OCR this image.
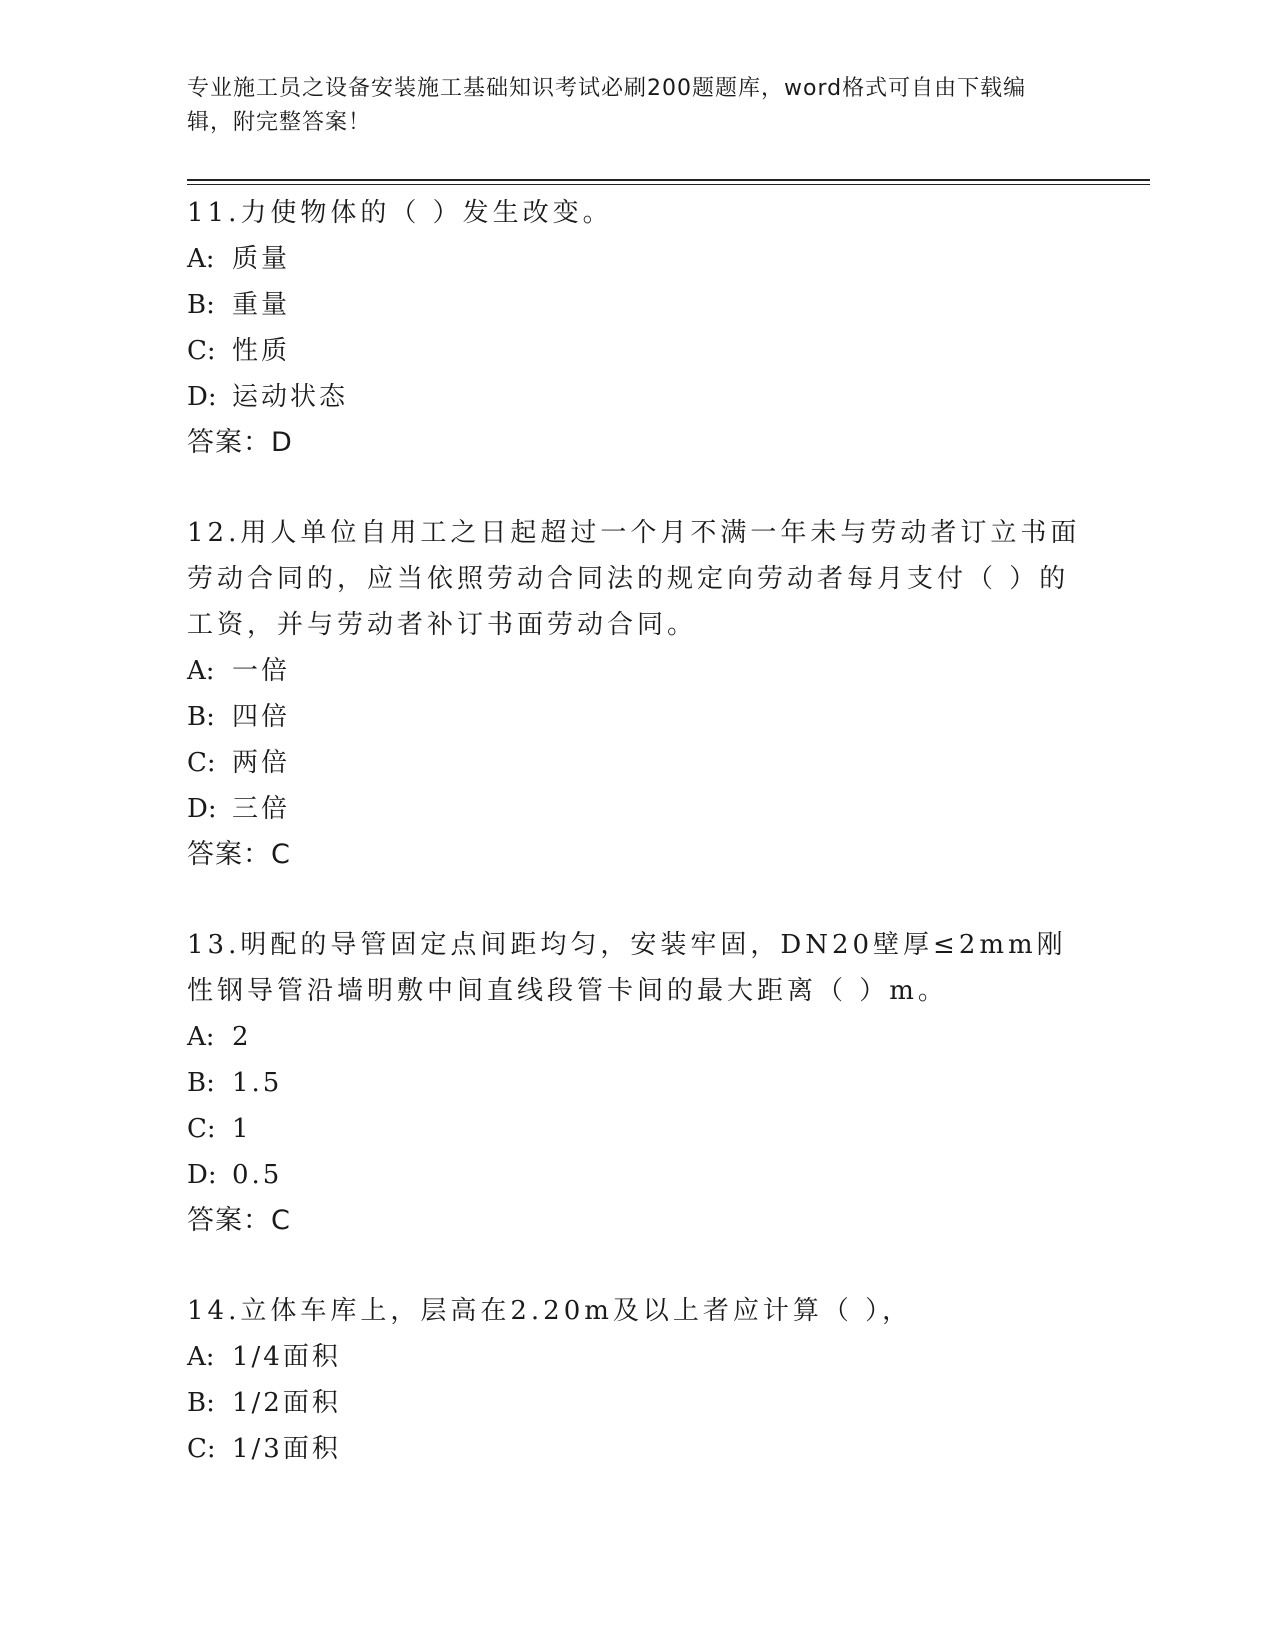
专业施工员之设备安装施工基础知识考试必刷200题题库，word格式可自由下载编辑，附完整答案！
11.力使物体的（ ）发生改变。
A: 质量
B: 重量
C: 性质
D: 运动状态
答案：D
12.用人单位自用工之日起超过一个月不满一年未与劳动者订立书面劳动合同的，应当依照劳动合同法的规定向劳动者每月支付（ ）的工资，并与劳动者补订书面劳动合同。
A: 一倍
B: 四倍
C: 两倍
D: 三倍
答案：C
13.明配的导管固定点间距均匀，安装牢固，DN20壁厚≤2mm刚性钢导管沿墙明敷中间直线段管卡间的最大距离（ ）m。
A: 2
B: 1.5
C: 1
D: 0.5
答案：C
14.立体车库上，层高在2.20m及以上者应计算（ ），
A: 1/4面积
B: 1/2面积
C: 1/3面积
